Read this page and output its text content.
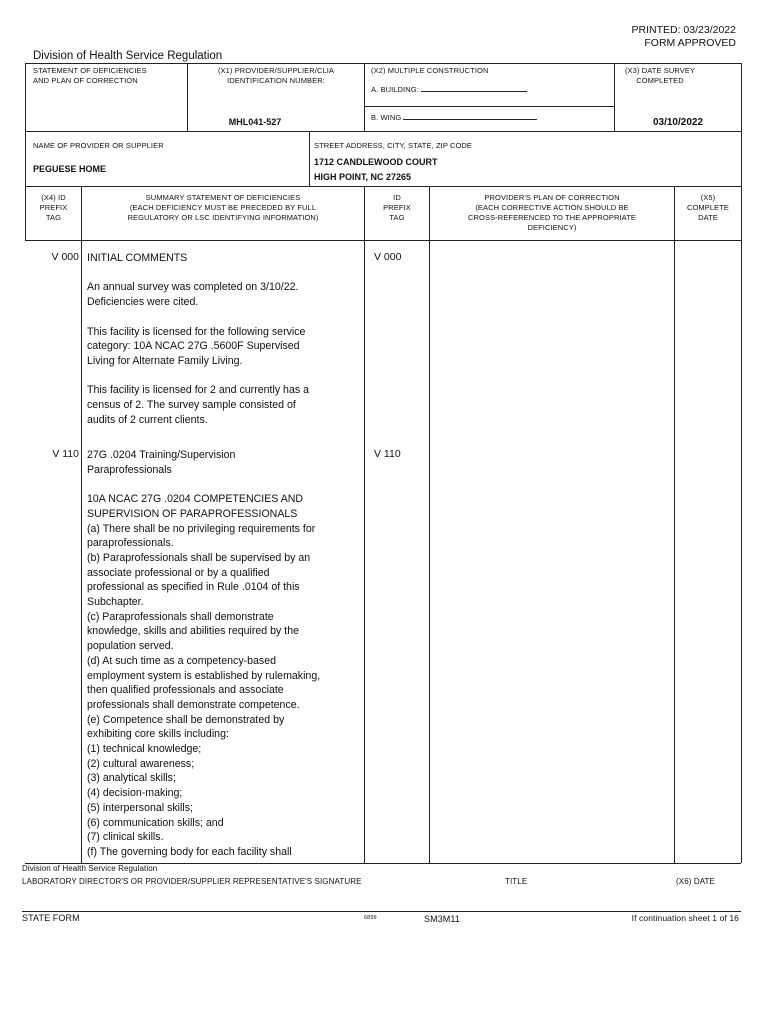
PRINTED: 03/23/2022
FORM APPROVED
Division of Health Service Regulation
STATEMENT OF DEFICIENCIES
AND PLAN OF CORRECTION
(X1) PROVIDER/SUPPLIER/CLIA
IDENTIFICATION NUMBER:
MHL041-527
(X2) MULTIPLE CONSTRUCTION
A. BUILDING:
B. WING
(X3) DATE SURVEY
COMPLETED
03/10/2022
NAME OF PROVIDER OR SUPPLIER
PEGUESE HOME
STREET ADDRESS, CITY, STATE, ZIP CODE
1712 CANDLEWOOD COURT
HIGH POINT, NC 27265
(X4) ID
PREFIX
TAG
SUMMARY STATEMENT OF DEFICIENCIES
(EACH DEFICIENCY MUST BE PRECEDED BY FULL
REGULATORY OR LSC IDENTIFYING INFORMATION)
ID
PREFIX
TAG
PROVIDER'S PLAN OF CORRECTION
(EACH CORRECTIVE ACTION SHOULD BE
CROSS-REFERENCED TO THE APPROPRIATE
DEFICIENCY)
(X5)
COMPLETE
DATE
V 000	V 000
INITIAL COMMENTS

An annual survey was completed on 3/10/22.
Deficiencies were cited.

This facility is licensed for the following service
category: 10A NCAC 27G .5600F Supervised
Living for Alternate Family Living.

This facility is licensed for 2 and currently has a
census of 2. The survey sample consisted of
audits of 2 current clients.
V 110	V 110
27G .0204 Training/Supervision
Paraprofessionals

10A NCAC 27G .0204 COMPETENCIES AND
SUPERVISION OF PARAPROFESSIONALS
(a) There shall be no privileging requirements for
paraprofessionals.
(b) Paraprofessionals shall be supervised by an
associate professional or by a qualified
professional as specified in Rule .0104 of this
Subchapter.
(c) Paraprofessionals shall demonstrate
knowledge, skills and abilities required by the
population served.
(d) At such time as a competency-based
employment system is established by rulemaking,
then qualified professionals and associate
professionals shall demonstrate competence.
(e) Competence shall be demonstrated by
exhibiting core skills including:
(1) technical knowledge;
(2) cultural awareness;
(3) analytical skills;
(4) decision-making;
(5) interpersonal skills;
(6) communication skills; and
(7) clinical skills.
(f) The governing body for each facility shall
Division of Health Service Regulation
LABORATORY DIRECTOR'S OR PROVIDER/SUPPLIER REPRESENTATIVE'S SIGNATURE	TITLE	(X6) DATE
STATE FORM	6899	SM3M11	If continuation sheet 1 of 16
